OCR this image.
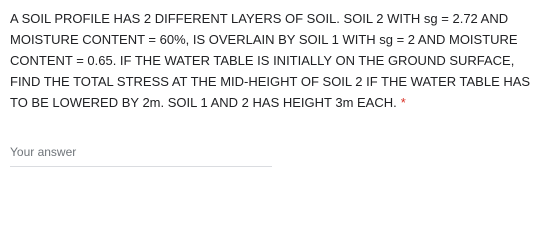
A SOIL PROFILE HAS 2 DIFFERENT LAYERS OF SOIL. SOIL 2 WITH sg = 2.72 AND MOISTURE CONTENT = 60%, IS OVERLAIN BY SOIL 1 WITH sg = 2 AND MOISTURE CONTENT = 0.65. IF THE WATER TABLE IS INITIALLY ON THE GROUND SURFACE, FIND THE TOTAL STRESS AT THE MID-HEIGHT OF SOIL 2 IF THE WATER TABLE HAS TO BE LOWERED BY 2m. SOIL 1 AND 2 HAS HEIGHT 3m EACH. *

Your answer
